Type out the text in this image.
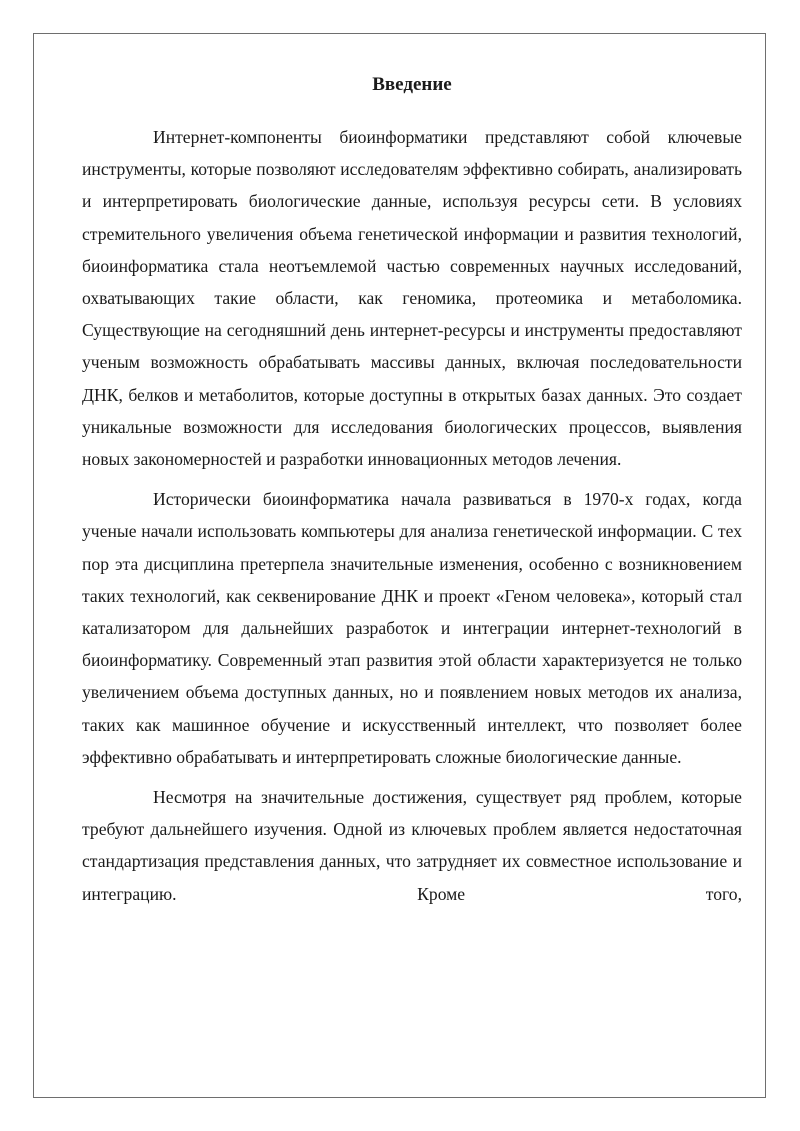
Введение

Интернет-компоненты биоинформатики представляют собой ключевые инструменты, которые позволяют исследователям эффективно собирать, анализировать и интерпретировать биологические данные, используя ресурсы сети. В условиях стремительного увеличения объема генетической информации и развития технологий, биоинформатика стала неотъемлемой частью современных научных исследований, охватывающих такие области, как геномика, протеомика и метаболомика. Существующие на сегодняшний день интернет-ресурсы и инструменты предоставляют ученым возможность обрабатывать массивы данных, включая последовательности ДНК, белков и метаболитов, которые доступны в открытых базах данных. Это создает уникальные возможности для исследования биологических процессов, выявления новых закономерностей и разработки инновационных методов лечения.

Исторически биоинформатика начала развиваться в 1970-х годах, когда ученые начали использовать компьютеры для анализа генетической информации. С тех пор эта дисциплина претерпела значительные изменения, особенно с возникновением таких технологий, как секвенирование ДНК и проект «Геном человека», который стал катализатором для дальнейших разработок и интеграции интернет-технологий в биоинформатику. Современный этап развития этой области характеризуется не только увеличением объема доступных данных, но и появлением новых методов их анализа, таких как машинное обучение и искусственный интеллект, что позволяет более эффективно обрабатывать и интерпретировать сложные биологические данные.

Несмотря на значительные достижения, существует ряд проблем, которые требуют дальнейшего изучения. Одной из ключевых проблем является недостаточная стандартизация представления данных, что затрудняет их совместное использование и интеграцию. Кроме того,
